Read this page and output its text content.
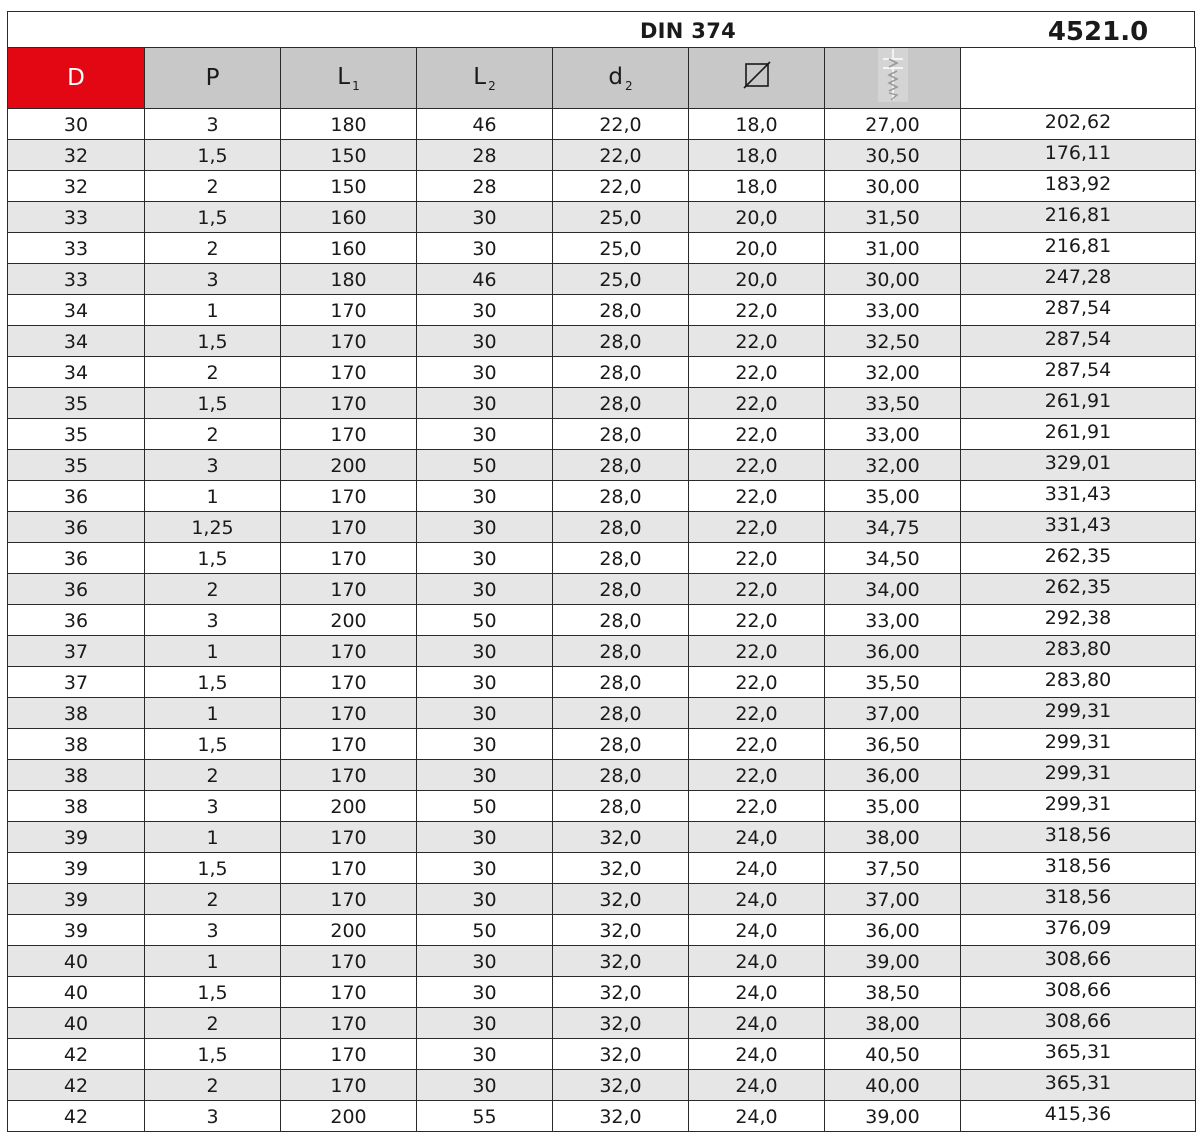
DIN 374	4521.0
D	P	L $_1$	L $_2$	d $_2$			
30	3	180	46	22,0	18,0	27,00	202,62
32	1,5	150	28	22,0	18,0	30,50	176,11
32	2	150	28	22,0	18,0	30,00	183,92
33	1,5	160	30	25,0	20,0	31,50	216,81
33	2	160	30	25,0	20,0	31,00	216,81
33	3	180	46	25,0	20,0	30,00	247,28
34	1	170	30	28,0	22,0	33,00	287,54
34	1,5	170	30	28,0	22,0	32,50	287,54
34	2	170	30	28,0	22,0	32,00	287,54
35	1,5	170	30	28,0	22,0	33,50	261,91
35	2	170	30	28,0	22,0	33,00	261,91
35	3	200	50	28,0	22,0	32,00	329,01
36	1	170	30	28,0	22,0	35,00	331,43
36	1,25	170	30	28,0	22,0	34,75	331,43
36	1,5	170	30	28,0	22,0	34,50	262,35
36	2	170	30	28,0	22,0	34,00	262,35
36	3	200	50	28,0	22,0	33,00	292,38
37	1	170	30	28,0	22,0	36,00	283,80
37	1,5	170	30	28,0	22,0	35,50	283,80
38	1	170	30	28,0	22,0	37,00	299,31
38	1,5	170	30	28,0	22,0	36,50	299,31
38	2	170	30	28,0	22,0	36,00	299,31
38	3	200	50	28,0	22,0	35,00	299,31
39	1	170	30	32,0	24,0	38,00	318,56
39	1,5	170	30	32,0	24,0	37,50	318,56
39	2	170	30	32,0	24,0	37,00	318,56
39	3	200	50	32,0	24,0	36,00	376,09
40	1	170	30	32,0	24,0	39,00	308,66
40	1,5	170	30	32,0	24,0	38,50	308,66
40	2	170	30	32,0	24,0	38,00	308,66
42	1,5	170	30	32,0	24,0	40,50	365,31
42	2	170	30	32,0	24,0	40,00	365,31
42	3	200	55	32,0	24,0	39,00	415,36
